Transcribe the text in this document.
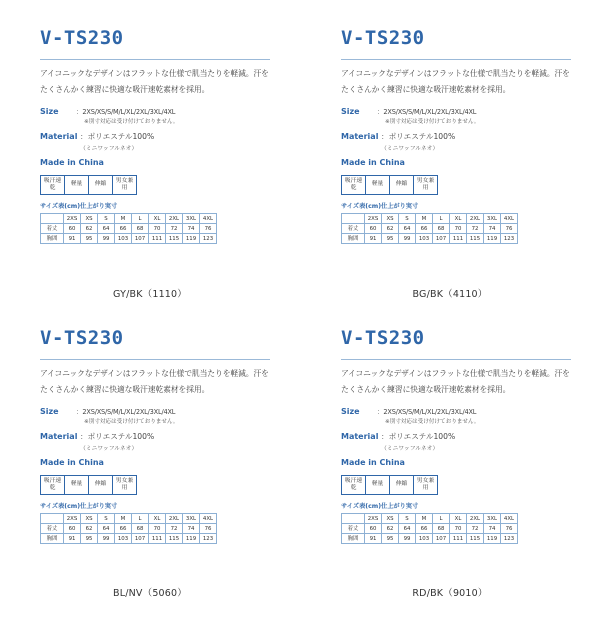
V-TS230
アイコニックなデザインはフラットな仕様で肌当たりを軽減。汗をたくさんかく練習に快適な吸汗速乾素材を採用。
Size	：2XS/XS/S/M/L/XL/2XL/3XL/4XL
※別寸対応は受け付けておりません。
Material ：ポリエステル100%
（ミニワッフルネオ）
Made in China
吸汗速乾
軽量	伸縮
男女兼用
サイズ表(cm)仕上がり実寸
	2XS	XS	S	M	L	XL	2XL	3XL	4XL
着丈	60	62	64	66	68	70	72	74	76
胸囲	91	95	99	103	107	111	115	119	123
GY/BK（1110）
V-TS230
アイコニックなデザインはフラットな仕様で肌当たりを軽減。汗をたくさんかく練習に快適な吸汗速乾素材を採用。
Size	：2XS/XS/S/M/L/XL/2XL/3XL/4XL
※別寸対応は受け付けておりません。
Material ：ポリエステル100%
（ミニワッフルネオ）
Made in China
吸汗速乾
軽量	伸縮
男女兼用
サイズ表(cm)仕上がり実寸
	2XS	XS	S	M	L	XL	2XL	3XL	4XL
着丈	60	62	64	66	68	70	72	74	76
胸囲	91	95	99	103	107	111	115	119	123
BG/BK（4110）
V-TS230
アイコニックなデザインはフラットな仕様で肌当たりを軽減。汗をたくさんかく練習に快適な吸汗速乾素材を採用。
Size	：2XS/XS/S/M/L/XL/2XL/3XL/4XL
※別寸対応は受け付けておりません。
Material ：ポリエステル100%
（ミニワッフルネオ）
Made in China
吸汗速乾
軽量	伸縮
男女兼用
サイズ表(cm)仕上がり実寸
	2XS	XS	S	M	L	XL	2XL	3XL	4XL
着丈	60	62	64	66	68	70	72	74	76
胸囲	91	95	99	103	107	111	115	119	123
BL/NV（5060）
V-TS230
アイコニックなデザインはフラットな仕様で肌当たりを軽減。汗をたくさんかく練習に快適な吸汗速乾素材を採用。
Size	：2XS/XS/S/M/L/XL/2XL/3XL/4XL
※別寸対応は受け付けておりません。
Material ：ポリエステル100%
（ミニワッフルネオ）
Made in China
吸汗速乾
軽量	伸縮
男女兼用
サイズ表(cm)仕上がり実寸
	2XS	XS	S	M	L	XL	2XL	3XL	4XL
着丈	60	62	64	66	68	70	72	74	76
胸囲	91	95	99	103	107	111	115	119	123
RD/BK（9010）
